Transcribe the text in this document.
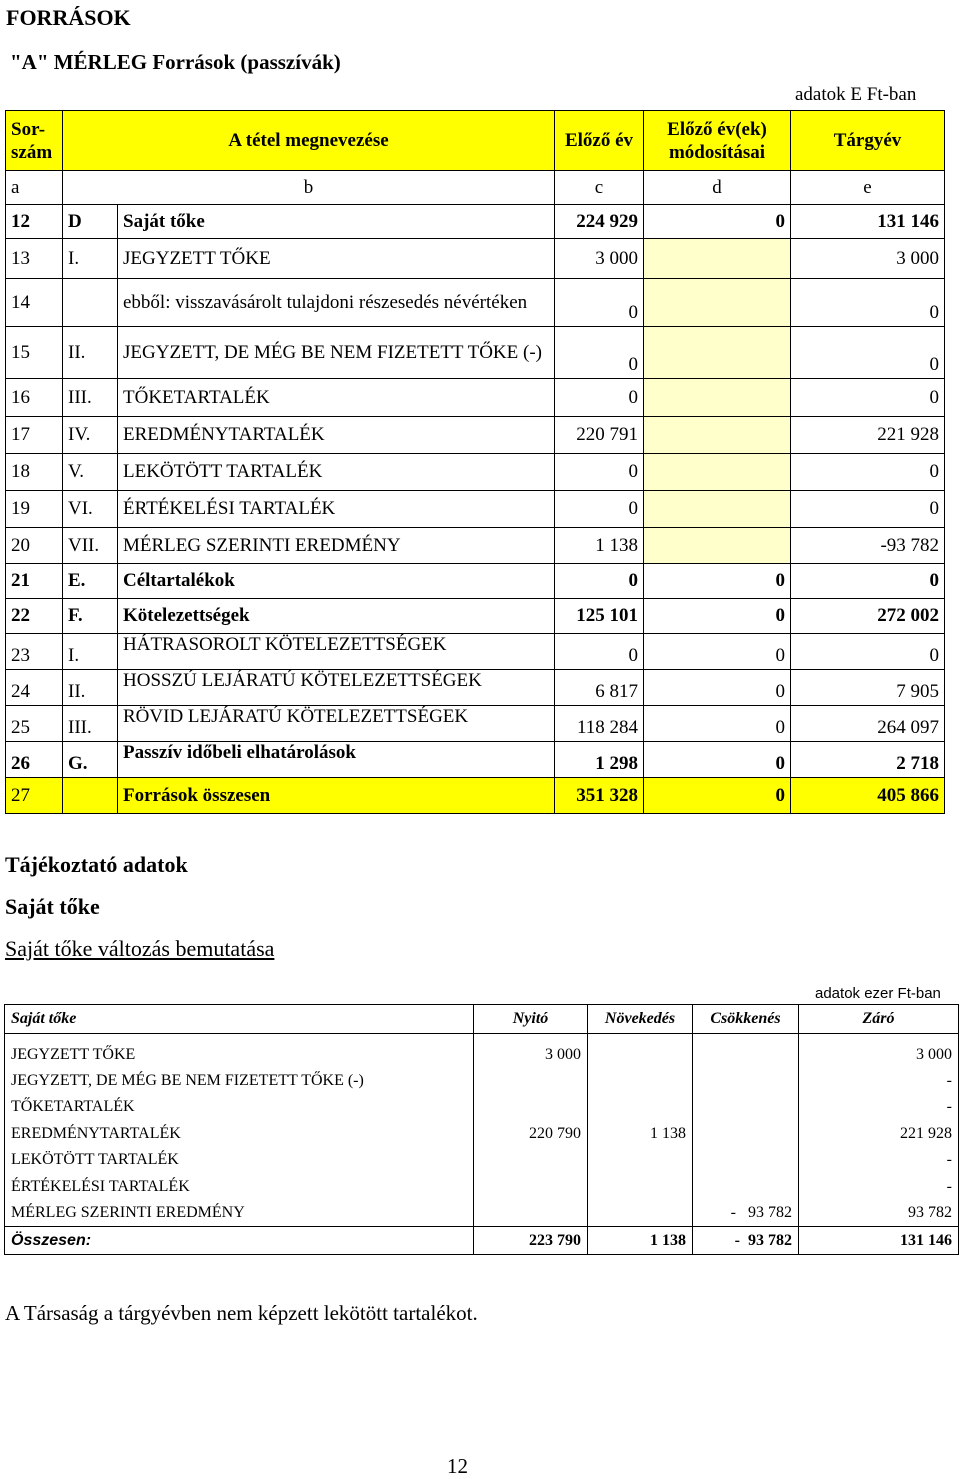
FORRÁSOK
"A" MÉRLEG Források (passzívák)
adatok E Ft-ban
Sor-
szám	A tétel megnevezése		Előző év	Előző év(ek) módosításai	Tárgyév
a	b		c	d	e
12	D	Saját tőke	224 929	0	131 146
13	I.	JEGYZETT TŐKE	3 000		3 000
14		ebből: visszavásárolt tulajdoni részesedés névértéken	0		0
15	II.	JEGYZETT, DE MÉG BE NEM FIZETETT TŐKE (-)	0		0
16	III.	TŐKETARTALÉK	0		0
17	IV.	EREDMÉNYTARTALÉK	220 791		221 928
18	V.	LEKÖTÖTT TARTALÉK	0		0
19	VI.	ÉRTÉKELÉSI TARTALÉK	0		0
20	VII.	MÉRLEG SZERINTI EREDMÉNY	1 138		-93 782
21	E.	Céltartalékok	0	0	0
22	F.	Kötelezettségek	125 101	0	272 002
23	I.	HÁTRASOROLT KÖTELEZETTSÉGEK	0	0	0
24	II.	HOSSZÚ LEJÁRATÚ KÖTELEZETTSÉGEK	6 817	0	7 905
25	III.	RÖVID LEJÁRATÚ KÖTELEZETTSÉGEK	118 284	0	264 097
26	G.	Passzív időbeli elhatárolások	1 298	0	2 718
27		Források összesen	351 328	0	405 866
Tájékoztató adatok
Saját tőke
Saját tőke változás bemutatása
adatok ezer Ft-ban
Saját tőke	Nyitó	Növekedés	Csökkenés	Záró
JEGYZETT TŐKE	3 000			3 000
JEGYZETT, DE MÉG BE NEM FIZETETT TŐKE (-)				-
TŐKETARTALÉK				-
EREDMÉNYTARTALÉK	220 790	1 138		221 928
LEKÖTÖTT TARTALÉK				-
ÉRTÉKELÉSI TARTALÉK				-
MÉRLEG SZERINTI EREDMÉNY			-   93 782	93 782
Összesen:	223 790	1 138	-  93 782	131 146
A Társaság a tárgyévben nem képzett lekötött tartalékot.
12
